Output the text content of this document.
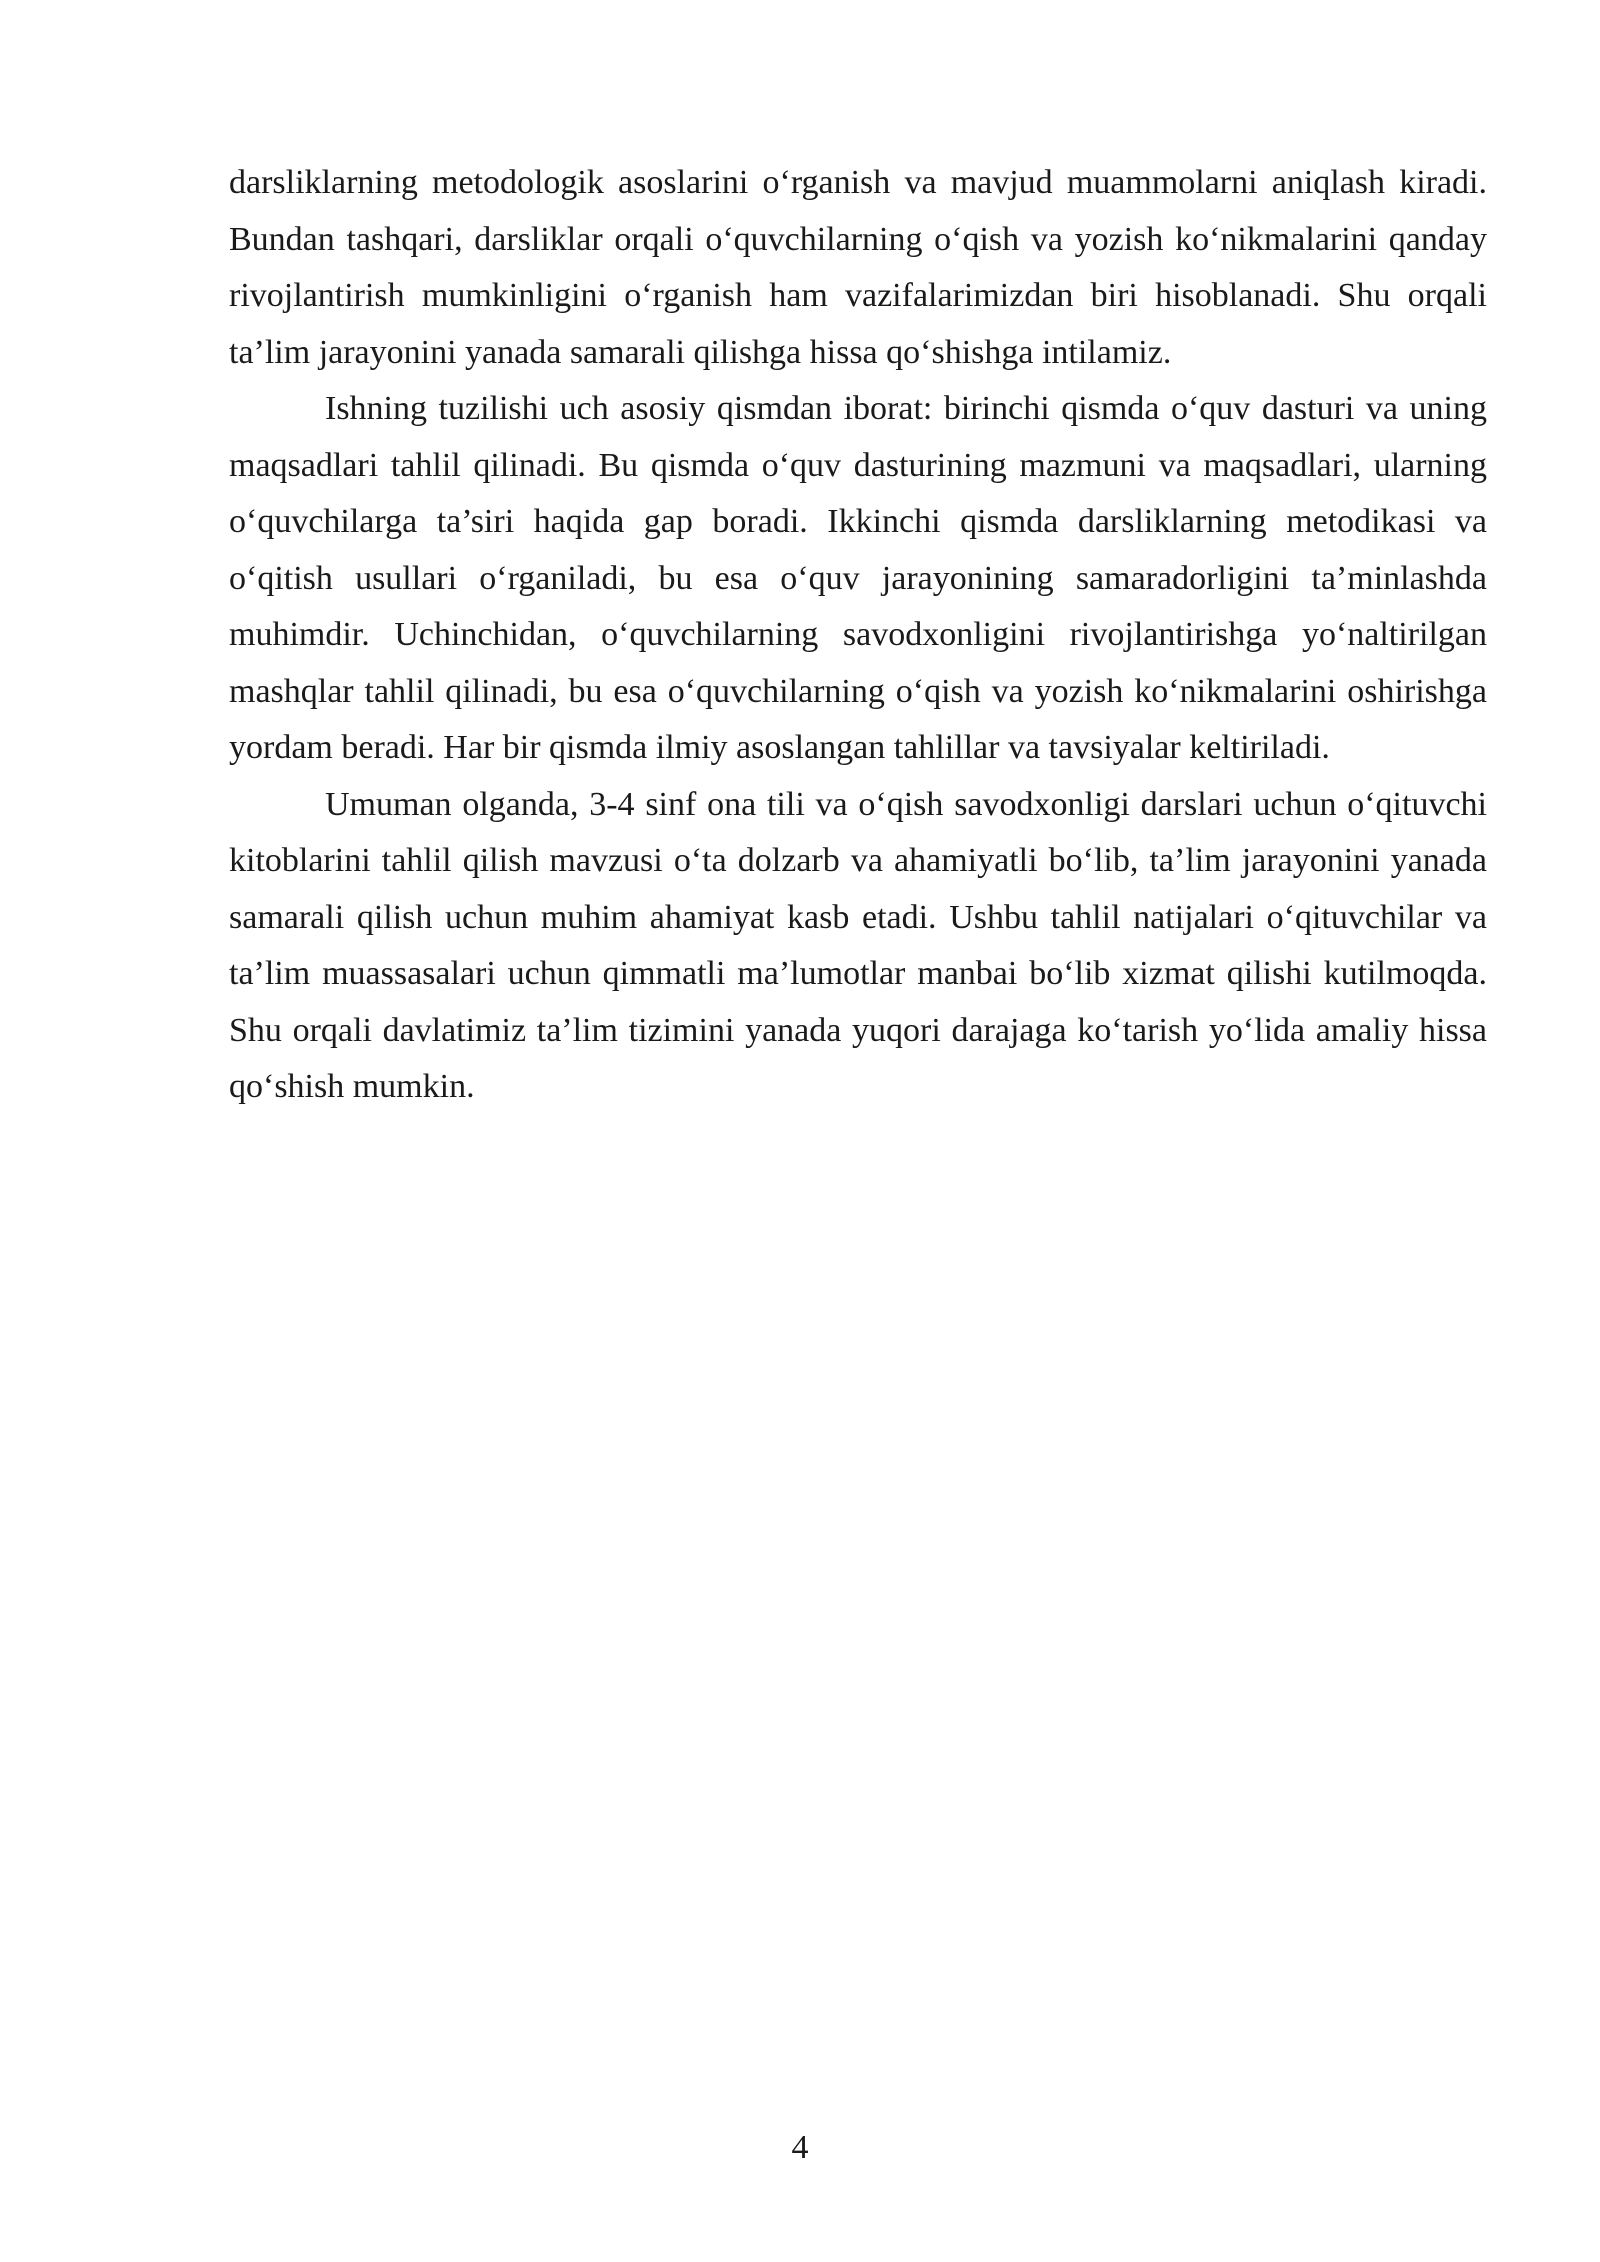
darsliklarning metodologik asoslarini o‘rganish va mavjud muammolarni aniqlash kiradi. Bundan tashqari, darsliklar orqali o‘quvchilarning o‘qish va yozish ko‘nikmalarini qanday rivojlantirish mumkinligini o‘rganish ham vazifalarimizdan biri hisoblanadi. Shu orqali ta’lim jarayonini yanada samarali qilishga hissa qo‘shishga intilamiz.

Ishning tuzilishi uch asosiy qismdan iborat: birinchi qismda o‘quv dasturi va uning maqsadlari tahlil qilinadi. Bu qismda o‘quv dasturining mazmuni va maqsadlari, ularning o‘quvchilarga ta’siri haqida gap boradi. Ikkinchi qismda darsliklarning metodikasi va o‘qitish usullari o‘rganiladi, bu esa o‘quv jarayonining samaradorligini ta’minlashda muhimdir. Uchinchidan, o‘quvchilarning savodxonligini rivojlantirishga yo‘naltirilgan mashqlar tahlil qilinadi, bu esa o‘quvchilarning o‘qish va yozish ko‘nikmalarini oshirishga yordam beradi. Har bir qismda ilmiy asoslangan tahlillar va tavsiyalar keltiriladi.

Umuman olganda, 3-4 sinf ona tili va o‘qish savodxonligi darslari uchun o‘qituvchi kitoblarini tahlil qilish mavzusi o‘ta dolzarb va ahamiyatli bo‘lib, ta’lim jarayonini yanada samarali qilish uchun muhim ahamiyat kasb etadi. Ushbu tahlil natijalari o‘qituvchilar va ta’lim muassasalari uchun qimmatli ma’lumotlar manbai bo‘lib xizmat qilishi kutilmoqda. Shu orqali davlatimiz ta’lim tizimini yanada yuqori darajaga ko‘tarish yo‘lida amaliy hissa qo‘shish mumkin.

4
